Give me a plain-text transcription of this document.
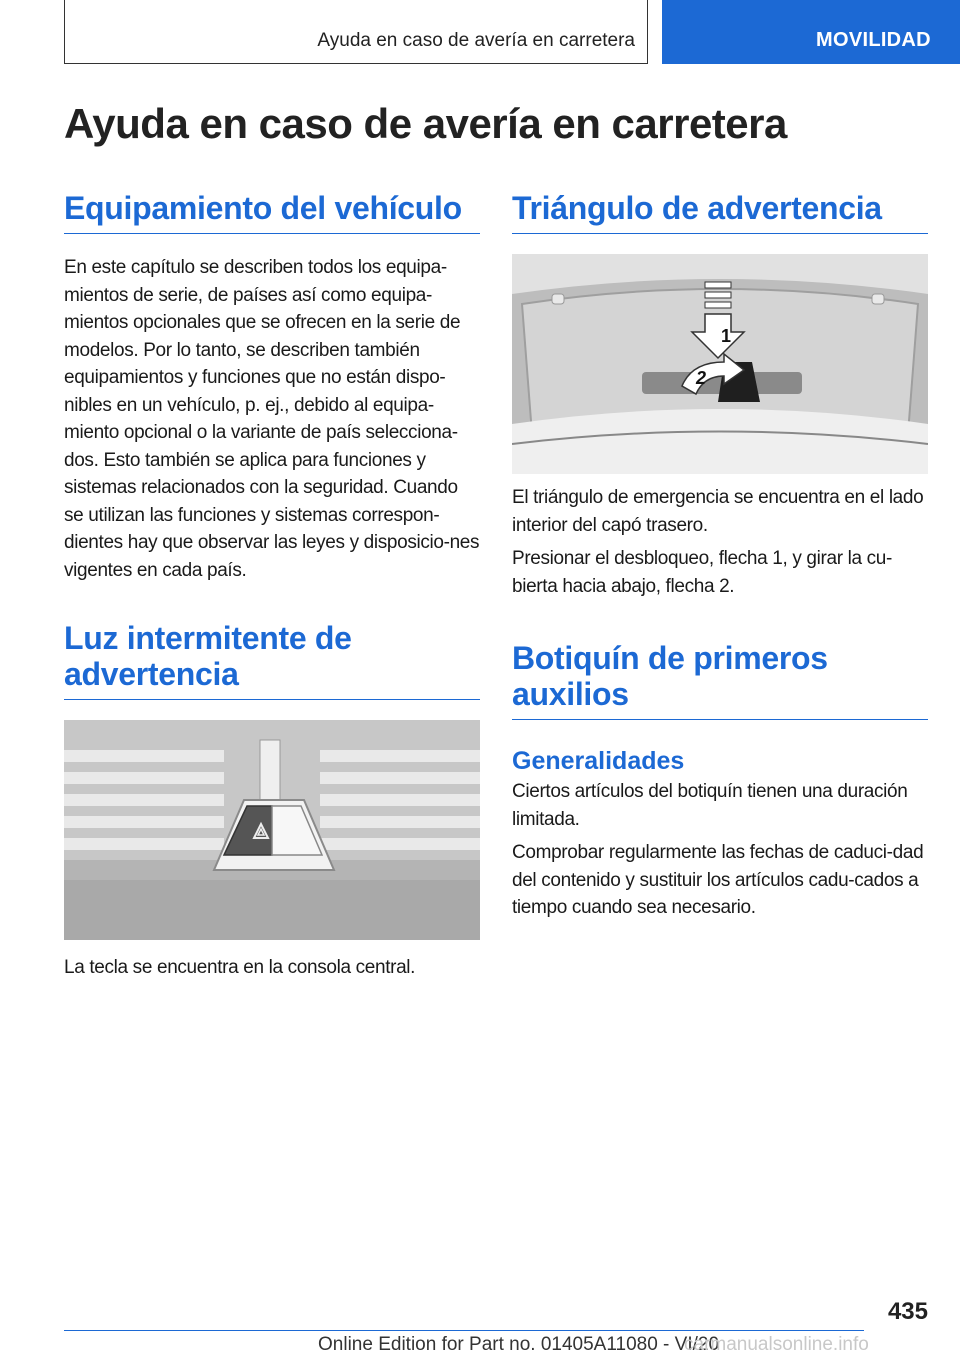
Ayuda en caso de avería en carretera	MOVILIDAD
Ayuda en caso de avería en carretera
Equipamiento del vehículo

En este capítulo se describen todos los equipa-mientos de serie, de países así como equipa-mientos opcionales que se ofrecen en la serie de modelos. Por lo tanto, se describen también equipamientos y funciones que no están dispo-nibles en un vehículo, p. ej., debido al equipa-miento opcional o la variante de país selecciona-dos. Esto también se aplica para funciones y sistemas relacionados con la seguridad. Cuando se utilizan las funciones y sistemas correspon-dientes hay que observar las leyes y disposicio-nes vigentes en cada país.

Luz intermitente de
advertencia

La tecla se encuentra en la consola central.

Triángulo de advertencia
1
2

El triángulo de emergencia se encuentra en el lado interior del capó trasero.

Presionar el desbloqueo, flecha 1, y girar la cu-bierta hacia abajo, flecha 2.

Botiquín de primeros
auxilios
Generalidades

Ciertos artículos del botiquín tienen una duración limitada.

Comprobar regularmente las fechas de caduci-dad del contenido y sustituir los artículos cadu-cados a tiempo cuando sea necesario.

435
Online Edition for Part no. 01405A11080 - VI/20
carmanualsonline.info
